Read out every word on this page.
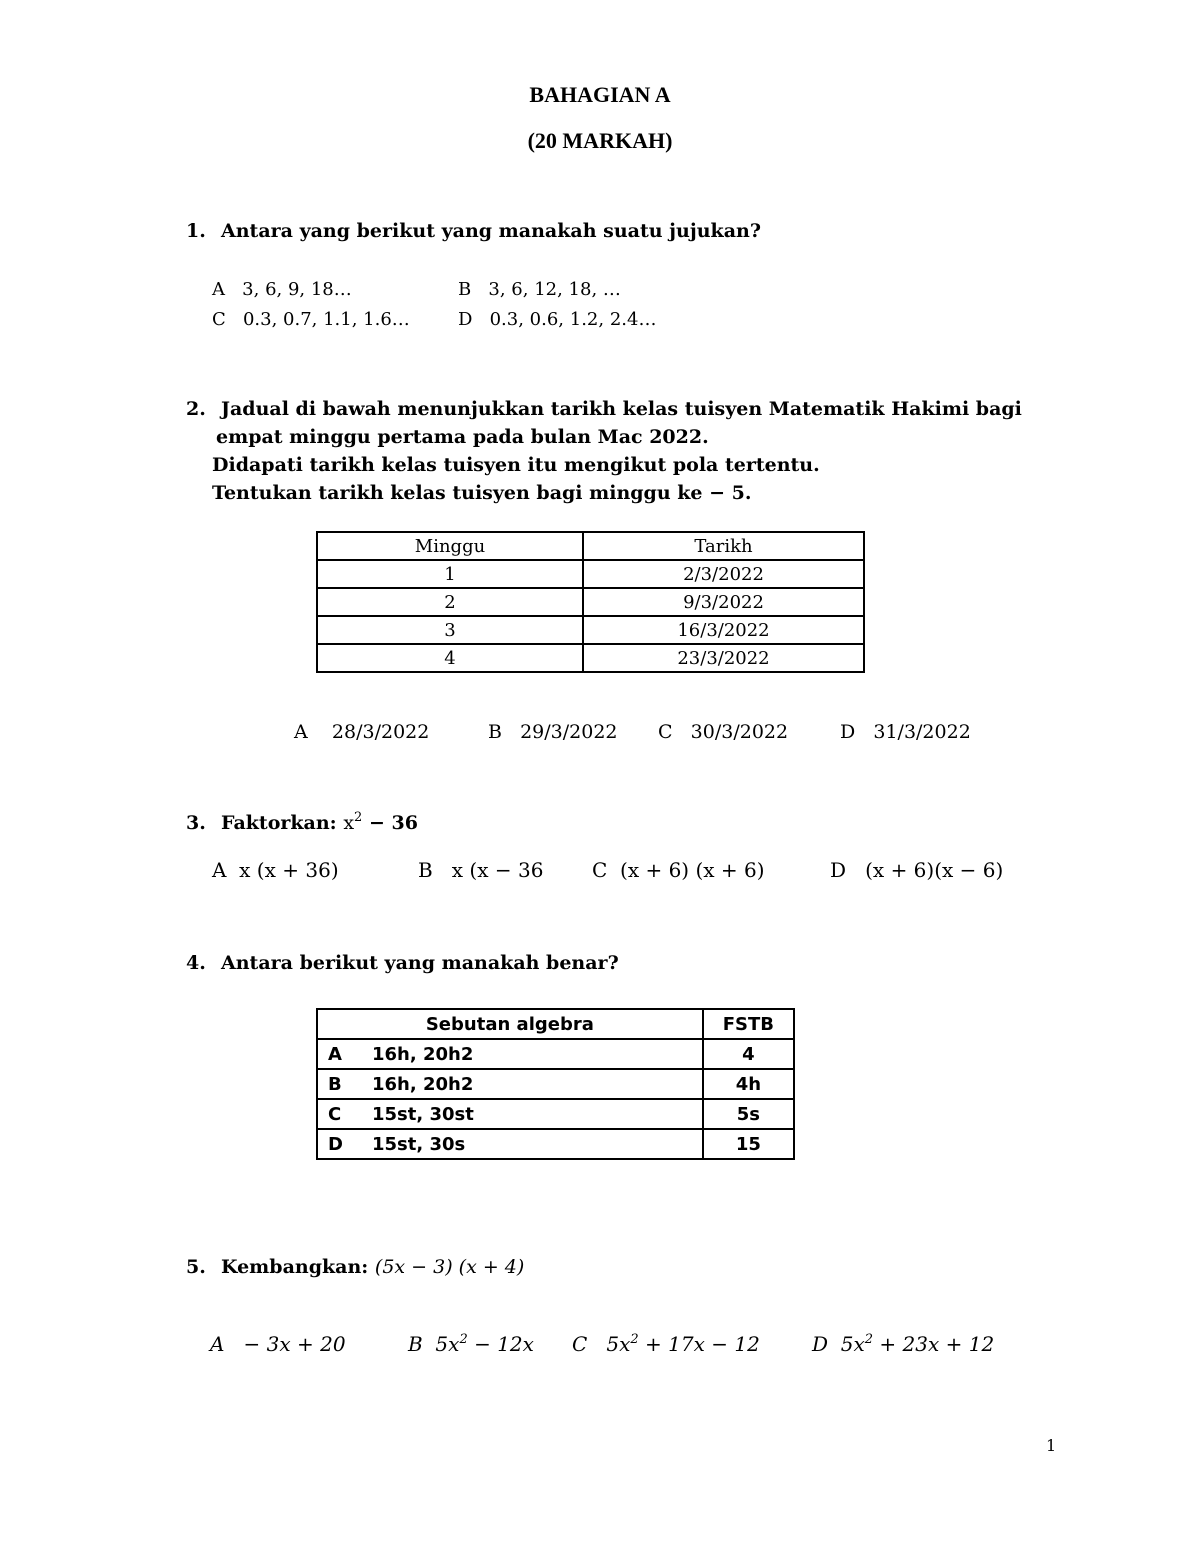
BAHAGIAN A
(20 MARKAH)
1. Antara yang berikut yang manakah suatu jujukan?
A 3, 6, 9, 18…	B 3, 6, 12, 18, …
C 0.3, 0.7, 1.1, 1.6…	D 0.3, 0.6, 1.2, 2.4…
2. Jadual di bawah menunjukkan tarikh kelas tuisyen Matematik Hakimi bagi
empat minggu pertama pada bulan Mac 2022.
Didapati tarikh kelas tuisyen itu mengikut pola tertentu.
Tentukan tarikh kelas tuisyen bagi minggu ke − 5.
Minggu	Tarikh
1	2/3/2022
2	9/3/2022
3	16/3/2022
4	23/3/2022
A 28/3/2022	B 29/3/2022 C 30/3/2022	D 31/3/2022
3. Faktorkan: $x^2 - 36$
A x (x + 36)	B x (x − 36 C (x + 6) (x + 6)	D (x + 6)(x − 6)
4. Antara berikut yang manakah benar?
Sebutan algebra		FSTB
A	16h, 20h2	4
B	16h, 20h2	4h
C	15st, 30st	5s
D	15st, 30s	15
5. Kembangkan: (5x − 3) (x + 4)
A − 3x + 20	B $5x^2 - 12x$ C $5x^2 + 17x - 12$	D $5x^2 + 23x + 12$
1
